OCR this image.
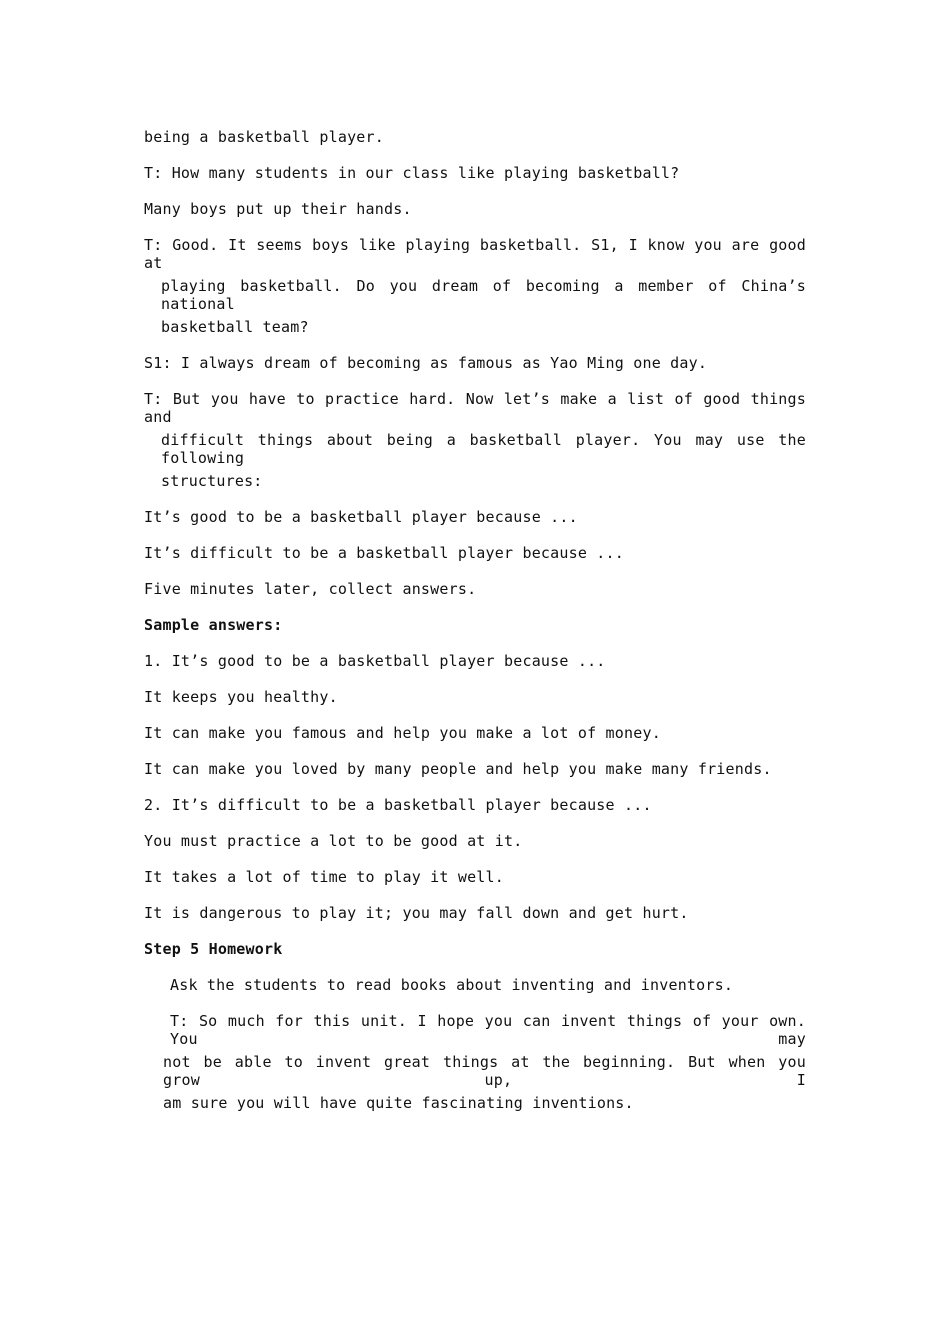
being a basketball player.
T: How many students in our class like playing basketball?
Many boys put up their hands.
T: Good. It seems boys like playing basketball. S1, I know you are good at
playing basketball. Do you dream of becoming a member of China’s national
basketball team?
S1: I always dream of becoming as famous as Yao Ming one day.
T: But you have to practice hard. Now let’s make a list of good things and
difficult things about being a basketball player. You may use the following
structures:
It’s good to be a basketball player because ...
It’s difficult to be a basketball player because ...
Five minutes later, collect answers.
Sample answers:
1. It’s good to be a basketball player because ...
It keeps you healthy.
It can make you famous and help you make a lot of money.
It can make you loved by many people and help you make many friends.
2. It’s difficult to be a basketball player because ...
You must practice a lot to be good at it.
It takes a lot of time to play it well.
It is dangerous to play it; you may fall down and get hurt.
Step 5 Homework
Ask the students to read books about inventing and inventors.
T: So much for this unit. I hope you can invent things of your own. You may
not be able to invent great things at the beginning. But when you grow up, I
am sure you will have quite fascinating inventions.
